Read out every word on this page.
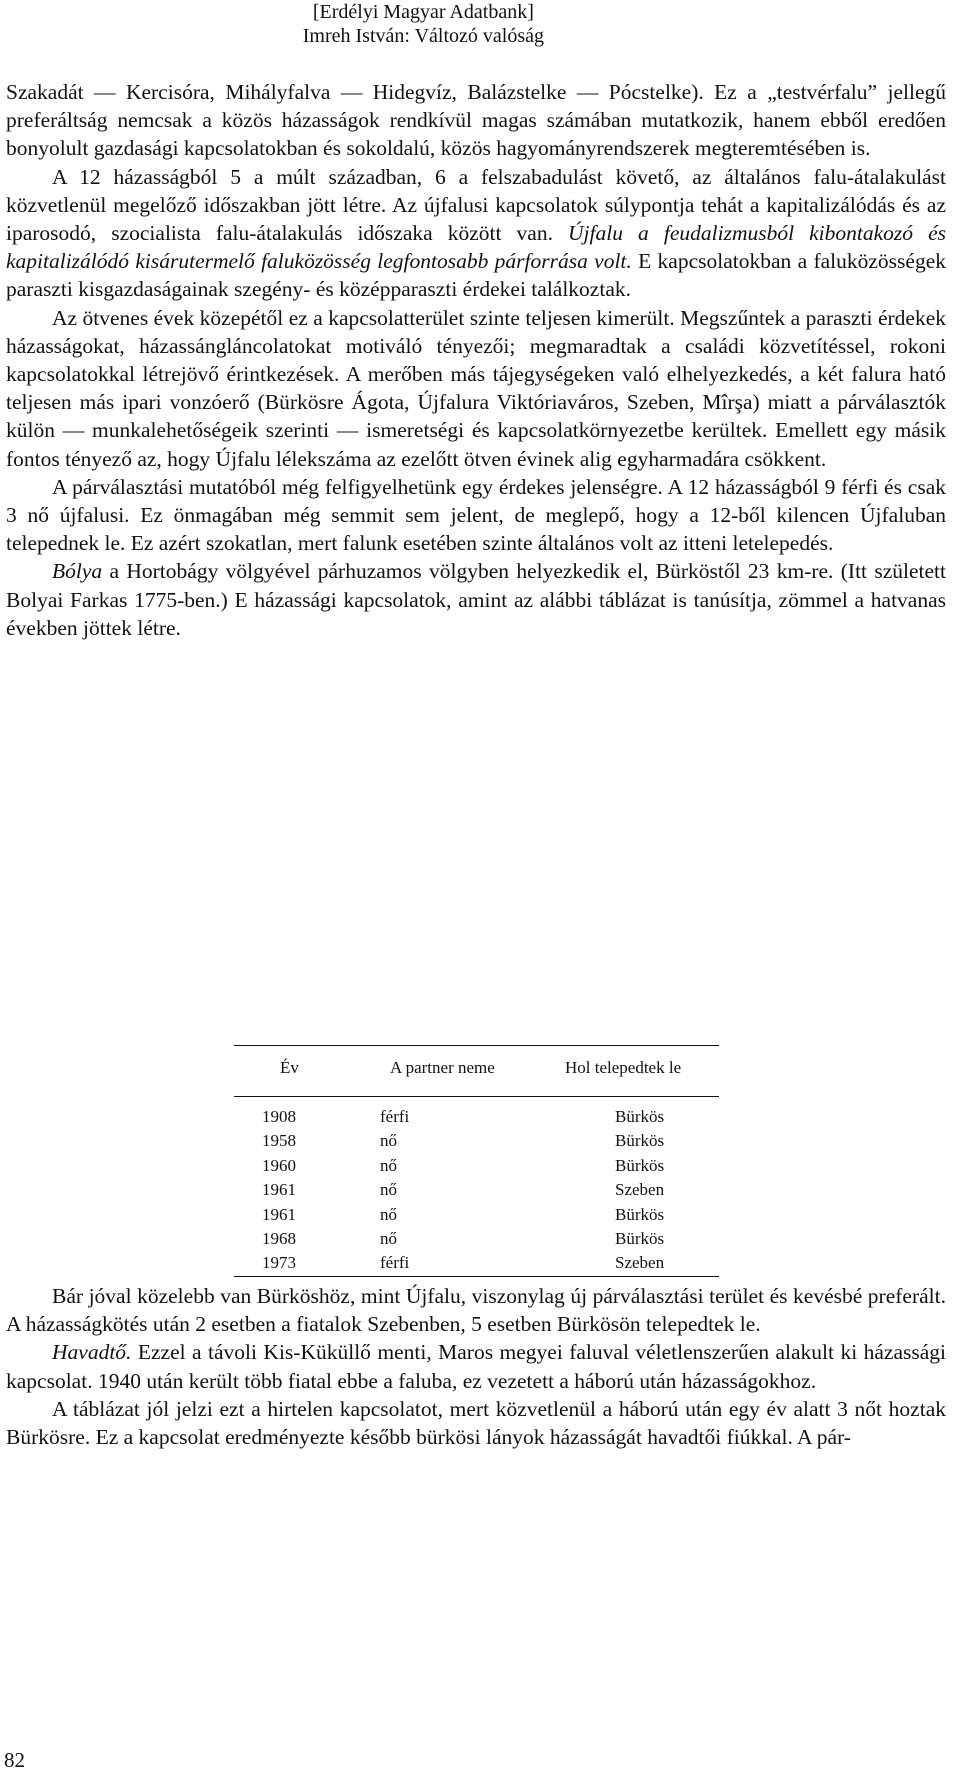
[Erdélyi Magyar Adatbank]
Imreh István: Változó valóság

Szakadát — Kercisóra, Mihályfalva — Hidegvíz, Balázstelke — Pócstelke). Ez a „testvérfalu” jellegű preferáltság nemcsak a közös házasságok rendkívül magas számában mutatkozik, hanem ebből eredően bonyolult gazdasági kapcsolatokban és sokoldalú, közös hagyományrendszerek megteremtésében is.

A 12 házasságból 5 a múlt században, 6 a felszabadulást követő, az általános falu-átalakulást közvetlenül megelőző időszakban jött létre. Az újfalusi kapcsolatok súlypontja tehát a kapitalizálódás és az iparosodó, szocialista falu-átalakulás időszaka között van. Újfalu a feudalizmusból kibontakozó és kapitalizálódó kisárutermelő faluközösség legfontosabb párforrása volt. E kapcsolatokban a faluközösségek paraszti kisgazdaságainak szegény- és középparaszti érdekei találkoztak.

Az ötvenes évek közepétől ez a kapcsolatterület szinte teljesen kimerült. Megszűntek a paraszti érdekek házasságokat, házassángláncolatokat motiváló tényezői; megmaradtak a családi közvetítéssel, rokoni kapcsolatokkal létrejövő érintkezések. A merőben más tájegységeken való elhelyezkedés, a két falura ható teljesen más ipari vonzóerő (Bürkösre Ágota, Újfalura Viktóriaváros, Szeben, Mîrşa) miatt a párválasztók külön — munkalehetőségeik szerinti — ismeretségi és kapcsolatkörnyezetbe kerültek. Emellett egy másik fontos tényező az, hogy Újfalu lélekszáma az ezelőtt ötven évinek alig egyharmadára csökkent.

A párválasztási mutatóból még felfigyelhetünk egy érdekes jelenségre. A 12 házasságból 9 férfi és csak 3 nő újfalusi. Ez önmagában még semmit sem jelent, de meglepő, hogy a 12-ből kilencen Újfaluban telepednek le. Ez azért szokatlan, mert falunk esetében szinte általános volt az itteni letelepedés.

Bólya a Hortobágy völgyével párhuzamos völgyben helyezkedik el, Bürköstől 23 km-re. (Itt született Bolyai Farkas 1775-ben.) E házassági kapcsolatok, amint az alábbi táblázat is tanúsítja, zömmel a hatvanas években jöttek létre.

Év	A partner neme	Hol telepedtek le
1908	férfi	Bürkös
1958	nő	Bürkös
1960	nő	Bürkös
1961	nő	Szeben
1961	nő	Bürkös
1968	nő	Bürkös
1973	férfi	Szeben

Bár jóval közelebb van Bürköshöz, mint Újfalu, viszonylag új párválasztási terület és kevésbé preferált. A házasságkötés után 2 esetben a fiatalok Szebenben, 5 esetben Bürkösön telepedtek le.

Havadtő. Ezzel a távoli Kis-Küküllő menti, Maros megyei faluval véletlenszerűen alakult ki házassági kapcsolat. 1940 után került több fiatal ebbe a faluba, ez vezetett a háború után házasságokhoz.

A táblázat jól jelzi ezt a hirtelen kapcsolatot, mert közvetlenül a háború után egy év alatt 3 nőt hoztak Bürkösre. Ez a kapcsolat eredményezte később bürkösi lányok házasságát havadtői fiúkkal. A pár-

82
